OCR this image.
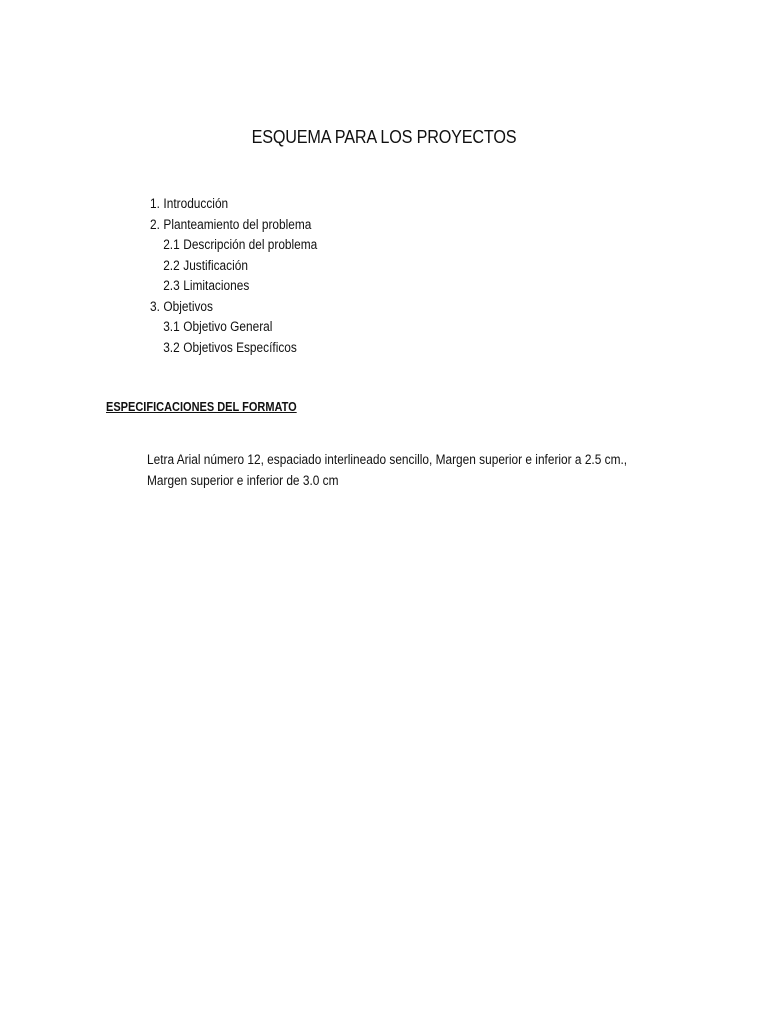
ESQUEMA PARA LOS PROYECTOS
1. Introducción
2. Planteamiento del problema
2.1 Descripción del problema
2.2 Justificación
2.3 Limitaciones
3. Objetivos
3.1 Objetivo General
3.2 Objetivos Específicos
ESPECIFICACIONES DEL FORMATO

Letra Arial número 12, espaciado interlineado sencillo, Margen superior e inferior a 2.5 cm.,

Margen superior e inferior de 3.0 cm
